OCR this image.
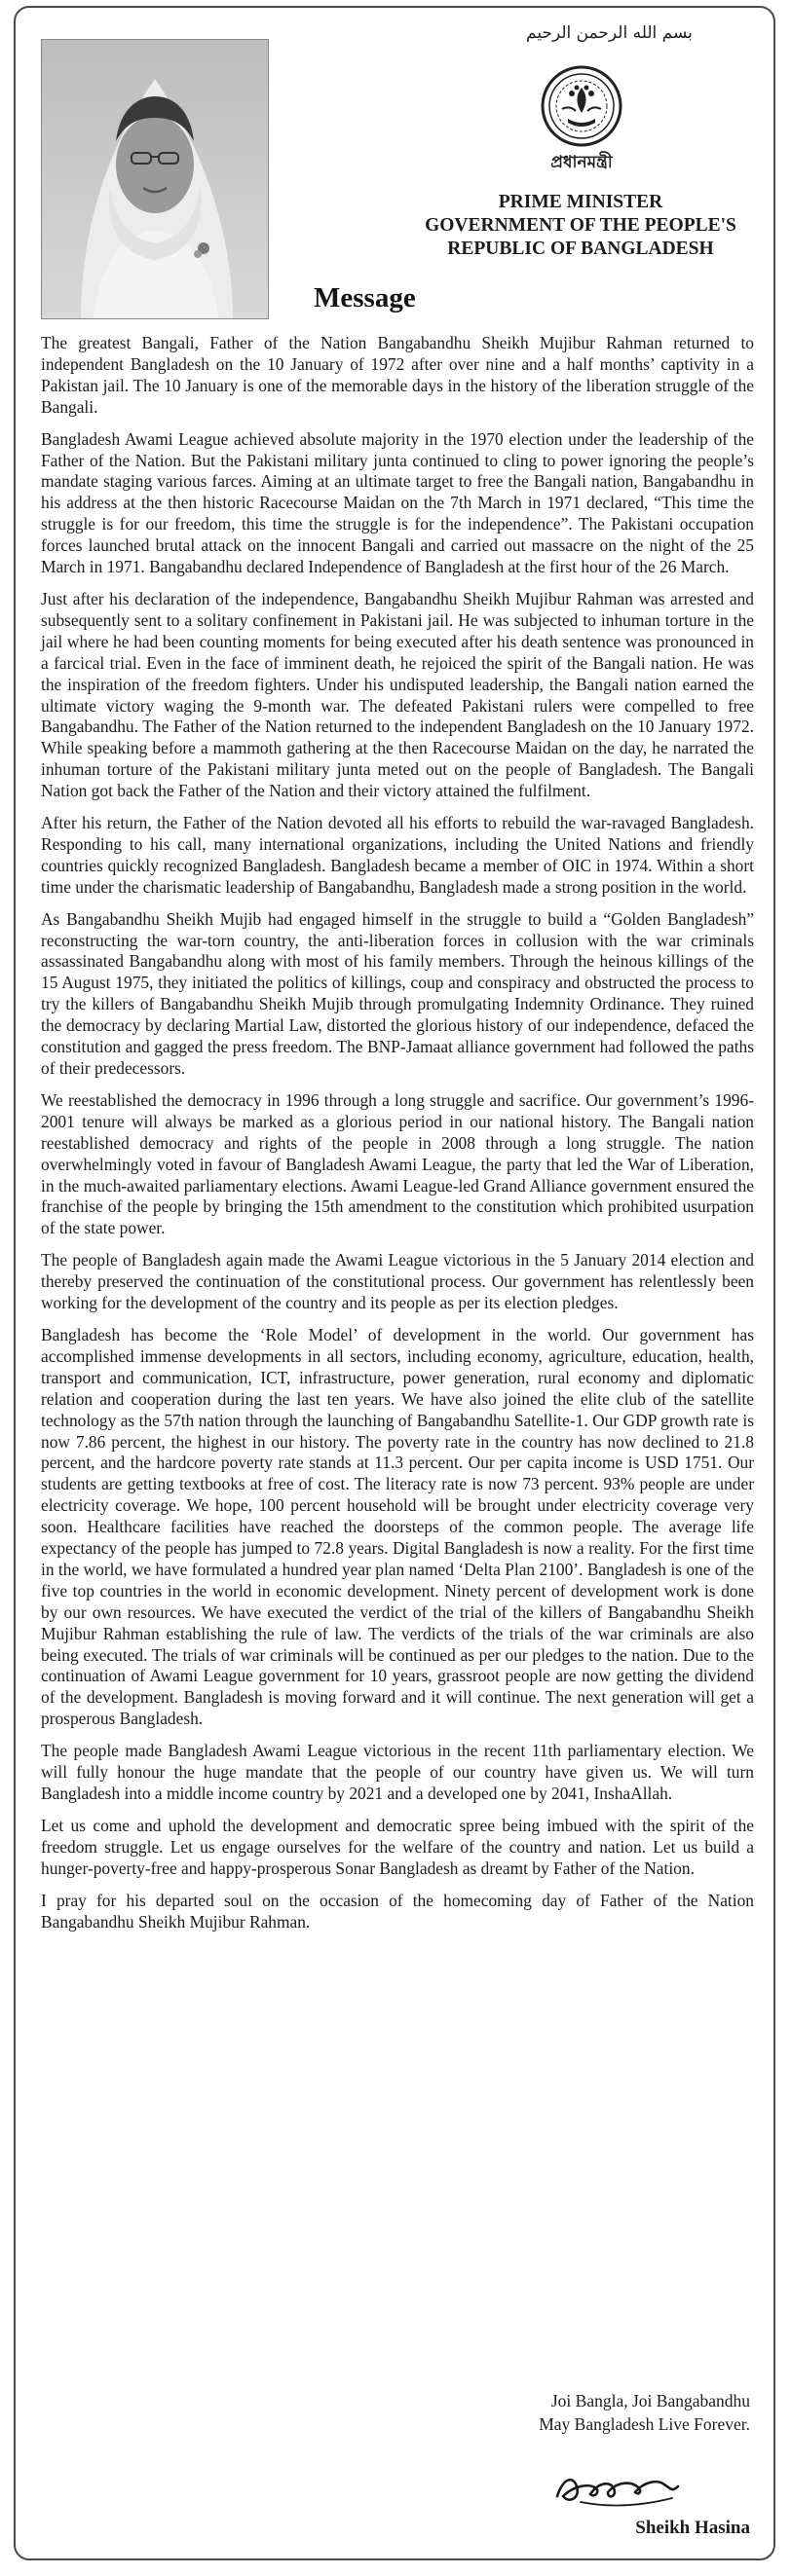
بسم الله الرحمن الرحيم
প্রধানমন্ত্রী
PRIME MINISTER
GOVERNMENT OF THE PEOPLE'S
REPUBLIC OF BANGLADESH
Message

The greatest Bangali, Father of the Nation Bangabandhu Sheikh Mujibur Rahman returned to independent Bangladesh on the 10 January of 1972 after over nine and a half months’ captivity in a Pakistan jail. The 10 January is one of the memorable days in the history of the liberation struggle of the Bangali.

Bangladesh Awami League achieved absolute majority in the 1970 election under the leadership of the Father of the Nation. But the Pakistani military junta continued to cling to power ignoring the people’s mandate staging various farces. Aiming at an ultimate target to free the Bangali nation, Bangabandhu in his address at the then historic Racecourse Maidan on the 7th March in 1971 declared, “This time the struggle is for our freedom, this time the struggle is for the independence”. The Pakistani occupation forces launched brutal attack on the innocent Bangali and carried out massacre on the night of the 25 March in 1971. Bangabandhu declared Independence of Bangladesh at the first hour of the 26 March.

Just after his declaration of the independence, Bangabandhu Sheikh Mujibur Rahman was arrested and subsequently sent to a solitary confinement in Pakistani jail. He was subjected to inhuman torture in the jail where he had been counting moments for being executed after his death sentence was pronounced in a farcical trial. Even in the face of imminent death, he rejoiced the spirit of the Bangali nation. He was the inspiration of the freedom fighters. Under his undisputed leadership, the Bangali nation earned the ultimate victory waging the 9-month war. The defeated Pakistani rulers were compelled to free Bangabandhu. The Father of the Nation returned to the independent Bangladesh on the 10 January 1972. While speaking before a mammoth gathering at the then Racecourse Maidan on the day, he narrated the inhuman torture of the Pakistani military junta meted out on the people of Bangladesh. The Bangali Nation got back the Father of the Nation and their victory attained the fulfilment.

After his return, the Father of the Nation devoted all his efforts to rebuild the war-ravaged Bangladesh. Responding to his call, many international organizations, including the United Nations and friendly countries quickly recognized Bangladesh. Bangladesh became a member of OIC in 1974. Within a short time under the charismatic leadership of Bangabandhu, Bangladesh made a strong position in the world.

As Bangabandhu Sheikh Mujib had engaged himself in the struggle to build a “Golden Bangladesh” reconstructing the war-torn country, the anti-liberation forces in collusion with the war criminals assassinated Bangabandhu along with most of his family members. Through the heinous killings of the 15 August 1975, they initiated the politics of killings, coup and conspiracy and obstructed the process to try the killers of Bangabandhu Sheikh Mujib through promulgating Indemnity Ordinance. They ruined the democracy by declaring Martial Law, distorted the glorious history of our independence, defaced the constitution and gagged the press freedom. The BNP-Jamaat alliance government had followed the paths of their predecessors.

We reestablished the democracy in 1996 through a long struggle and sacrifice. Our government’s 1996-2001 tenure will always be marked as a glorious period in our national history. The Bangali nation reestablished democracy and rights of the people in 2008 through a long struggle. The nation overwhelmingly voted in favour of Bangladesh Awami League, the party that led the War of Liberation, in the much-awaited parliamentary elections. Awami League-led Grand Alliance government ensured the franchise of the people by bringing the 15th amendment to the constitution which prohibited usurpation of the state power.

The people of Bangladesh again made the Awami League victorious in the 5 January 2014 election and thereby preserved the continuation of the constitutional process. Our government has relentlessly been working for the development of the country and its people as per its election pledges.

Bangladesh has become the ‘Role Model’ of development in the world. Our government has accomplished immense developments in all sectors, including economy, agriculture, education, health, transport and communication, ICT, infrastructure, power generation, rural economy and diplomatic relation and cooperation during the last ten years. We have also joined the elite club of the satellite technology as the 57th nation through the launching of Bangabandhu Satellite-1. Our GDP growth rate is now 7.86 percent, the highest in our history. The poverty rate in the country has now declined to 21.8 percent, and the hardcore poverty rate stands at 11.3 percent. Our per capita income is USD 1751. Our students are getting textbooks at free of cost. The literacy rate is now 73 percent. 93% people are under electricity coverage. We hope, 100 percent household will be brought under electricity coverage very soon. Healthcare facilities have reached the doorsteps of the common people. The average life expectancy of the people has jumped to 72.8 years. Digital Bangladesh is now a reality. For the first time in the world, we have formulated a hundred year plan named ‘Delta Plan 2100’. Bangladesh is one of the five top countries in the world in economic development. Ninety percent of development work is done by our own resources. We have executed the verdict of the trial of the killers of Bangabandhu Sheikh Mujibur Rahman establishing the rule of law. The verdicts of the trials of the war criminals are also being executed. The trials of war criminals will be continued as per our pledges to the nation. Due to the continuation of Awami League government for 10 years, grassroot people are now getting the dividend of the development. Bangladesh is moving forward and it will continue. The next generation will get a prosperous Bangladesh.

The people made Bangladesh Awami League victorious in the recent 11th parliamentary election. We will fully honour the huge mandate that the people of our country have given us. We will turn Bangladesh into a middle income country by 2021 and a developed one by 2041, InshaAllah.

Let us come and uphold the development and democratic spree being imbued with the spirit of the freedom struggle. Let us engage ourselves for the welfare of the country and nation. Let us build a hunger-poverty-free and happy-prosperous Sonar Bangladesh as dreamt by Father of the Nation.

I pray for his departed soul on the occasion of the homecoming day of Father of the Nation Bangabandhu Sheikh Mujibur Rahman.

Joi Bangla, Joi Bangabandhu
May Bangladesh Live Forever.
Sheikh Hasina
